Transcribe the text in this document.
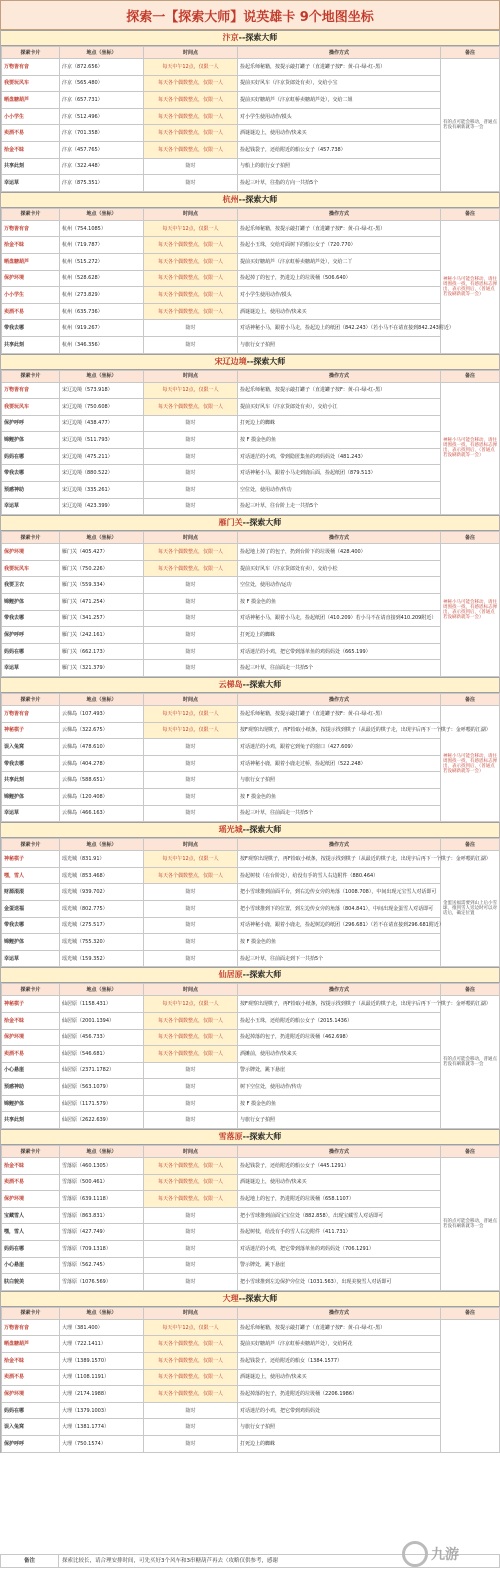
探索一【探索大师】说英雄卡 9个地图坐标
汴京--探索大师
探索卡片	地点（坐标）	时间点	操作方式	备注
万物皆有音	汴京（872.656）	每天中午12点，仅限一人	捡起乐师秘籍，按提示敲打罐子（直进罐子按F：黄-白-绿-红-黑）	有的点可能会移动，普通点若没有刷新就等一会
我要玩风车	汴京（565.480）	每天各个偶数整点，仅限一人	提前买好风车（汴京货郎处有卖），交给小宝	
晒盘糖葫芦	汴京（657.731）	每天各个偶数整点，仅限一人	提前买好糖葫芦（汴京虹桥卖糖葫芦处），交给二姐	
小小学生	汴京（512.496）	每天各个偶数整点，仅限一人	对小学生使用动作/摸头	
卖酒不易	汴京（701.358）	每天各个偶数整点，仅限一人	酒谜谜边上，使用动作/快来买	
拾金不昧	汴京（457.765）	每天各个偶数整点，仅限一人	捡起钱袋子，还给附近的船公女子（457.738）	
共享此刻	汴京（322.448）	随时	与船上的旅行女子拍照	
幸运草	汴京（875.351）	随时	捡起三叶草，往指的方向一共拾5个	
杭州--探索大师
探索卡片	地点（坐标）	时间点	操作方式	备注
万物皆有音	杭州（754.1085）	每天中午12点，仅限一人	捡起乐师秘籍，按提示敲打罐子（直进罐子按F：黄-白-绿-红-黑）	神秘小马可能会移动，请往周围找一找，有感恩标志弹出，表示找到后，（普通点若没刷新就等一会）
拾金不昧	杭州（719.787）	每天各个偶数整点，仅限一人	捡起小玉珠，交给对面树下的船公女子（720.770）	
晒盘糖葫芦	杭州（515.272）	每天各个偶数整点，仅限一人	提前买好糖葫芦（汴京虹桥卖糖葫芦处），交给二丫	
保护环境	杭州（528.628）	每天各个偶数整点，仅限一人	捡起掉了的包子，扔进边上的垃圾桶（506.640）	
小小学生	杭州（273.829）	每天各个偶数整点，仅限一人	对小学生使用动作/摸头	
卖酒不易	杭州（635.736）	每天各个偶数整点，仅限一人	酒谜谜边上，使用动作/快来买	
带我去哪	杭州（919.267）	随时	对话神秘小马，跟着小马走，捡起边上的纸团（842.243）（若小马不在请直接到842.243附近）	
共享此刻	杭州（346.356）	随时	与旅行女子拍照	
宋辽边境--探索大师
探索卡片	地点（坐标）	时间点	操作方式	备注
万物皆有音	宋辽边境（573.918）	每天中午12点，仅限一人	捡起乐师秘籍，按提示敲打罐子（直进罐子按F：黄-白-绿-红-黑）	神秘小马可能会移动，请往周围找一找，有感恩标志弹出，表示找到后，（普通点若没刷新就等一会）
我要玩风车	宋辽边境（750.608）	每天各个偶数整点，仅限一人	提前买好风车（汴京货郎处有卖），交给小江	
保护呼呼	宋辽边境（438.477）	随时	打死边上的蜘蛛	
锦鲤护体	宋辽边境（511.793）	随时	按 F 摸金色的鱼	
妈妈在哪	宋辽边境（475.211）	随时	对话迷茫的小鸡，带到隐匿集鱼的鸡妈妈处（481.243）	
带我去哪	宋辽边境（880.522）	随时	对话神秘小马，跟着小马走到鹿后面，捡起纸团（879.513）	
预感神助	宋辽边境（335.261）	随时	空位处，使用动作/传功	
幸运草	宋辽边境（423.399）	随时	捡起三叶草，往台阶上走一共拾5个	
雁门关--探索大师
探索卡片	地点（坐标）	时间点	操作方式	备注
保护环境	雁门关（405.427）	每天各个偶数整点，仅限一人	捡起地上掉了的包子，扔到台阶下的垃圾桶（428.400）	神秘小马可能会移动，请往周围找一找，有感恩标志弹出，表示找到后，（普通点若没刷新就等一会）
我要玩风车	雁门关（750.226）	每天各个偶数整点，仅限一人	提前买好风车（汴京货郎处有卖），交给小松	
我要卫衣	雁门关（559.334）	随时	空位处，使用动作/运功	
锦鲤护体	雁门关（471.254）	随时	按 F 摸金色的鱼	
带我去哪	雁门关（341.257）	随时	对话神秘小马，跟着小马走，捡起纸团（410.209）若小马不在请直接到410.209附近）	
保护呼呼	雁门关（242.161）	随时	打死边上的蜘蛛	
妈妈在哪	雁门关（662.173）	随时	对话迷茫的小鸡，把它带到落单鱼的鸡妈妈处（665.199）	
幸运草	雁门关（321.379）	随时	捡起三叶草，往前面走一共拾5个	
云梯岛--探索大师
探索卡片	地点（坐标）	时间点	操作方式	备注
万物皆有音	云梯岛（107.493）	每天中午12点，仅限一人	捡起乐师秘籍，按提示敲打罐子（直进罐子按F：黄-白-绿-红-黑）	神秘小马可能会移动，请往周围找一找，有感恩标志弹出，表示找到后，（普通点若没刷新就等一会）
神秘棋子	云梯岛（322.675）	每天中午12点，仅限一人	按F观察出现棋子，再F拾取小纸条，按提示找到棋子（从最近的棋子走，出现字后再下一个棋子：金呼喂的江湖）	
误入兔窝	云梯岛（478.610）	随时	对话迷茫的小鸡，跟着它到兔子的窗口（427.609）	
带我去哪	云梯岛（404.278）	随时	对话神秘小鹿，跟着小鹿走过桥，捡起纸团（522.248）	
共享此刻	云梯岛（588.651）	随时	与旅行女子拍照	
锦鲤护体	云梯岛（120.408）	随时	按 F 摸金色的鱼	
幸运草	云梯岛（466.163）	随时	捡起三叶草，往前面走一共拾5个	
瑶光城--探索大师
探索卡片	地点（坐标）	时间点	操作方式	备注
神秘棋子	瑶光城（831.91）	每天中午12点，仅限一人	按F观察出现棋子，再F拾取小纸条，按提示找到棋子（从最近的棋子走，出现字后再下一个棋子：金呼喂的江湖）	金蛋送福需要到山上后小雪球，推到雪人旁边时可以对话后，确定位置
嘿，雪人	瑶光城（853.468）	每天各个偶数整点，仅限一人	捡起树枝（在台阶处），给没有手的雪人右边附件（880.464）	
财源滚滚	瑶光城（939.702）	随时	把小雪球推到前面平台，到右边传女旁的角落（1008.708），中间出现元宝雪人对话即可	
金蛋送福	瑶光城（802.775）	随时	把小雪球推到下的位置，到左边传女旁的角落（804.841），中间出现金蛋雪人对话即可	
带我去哪	瑶光城（275.517）	随时	对话神秘小鹿，跟着小鹿走，捡起树边的纸团（296.681）（若不在请直接到296.681附近）	
锦鲤护体	瑶光城（755.320）	随时	按 F 摸金色的鱼	
幸运草	瑶光城（159.352）	随时	捡起三叶草，往前面走到下一共拾5个	
仙居原--探索大师
探索卡片	地点（坐标）	时间点	操作方式	备注
神秘棋子	仙居原（1158.431）	每天中午12点，仅限一人	按F观察出现棋子，再F拾取小纸条，按提示找到棋子（从最近的棋子走，出现字后再下一个棋子：金呼喂的江湖）	有的点可能会移动，普通点若没有刷新就等一会
拾金不昧	仙居原（2001.1394）	每天各个偶数整点，仅限一人	捡起小玉珠，还给附近的船公女子（2015.1436）	
保护环境	仙居原（456.733）	每天各个偶数整点，仅限一人	捡起掉落的包子，扔进附近的垃圾桶（462.698）	
卖酒不易	仙居原（546.681）	每天各个偶数整点，仅限一人	酒摊前，使用动作/快来买	
小心悬崖	仙居原（2371.1782）	随时	警示牌处，跳下悬崖	
预感神助	仙居原（563.1079）	随时	树下空位处，使用动作/传功	
锦鲤护体	仙居原（1171.579）	随时	按 F 摸金色的鱼	
共享此刻	仙居原（2622.639）	随时	与旅行女子拍照	
雪落原--探索大师
探索卡片	地点（坐标）	时间点	操作方式	备注
拾金不昧	雪落原（460.1305）	每天各个偶数整点，仅限一人	捡起钱袋子，还给附近的船公女子（445.1291）	有的点可能会移动，普通点若没有刷新就等一会
卖酒不易	雪落原（500.461）	每天各个偶数整点，仅限一人	酒谜谜边上，使用动作/快来买	
保护环境	雪落原（639.1118）	每天各个偶数整点，仅限一人	捡起地上的包子，扔进附近的垃圾桶（658.1107）	
宝藏雪人	雪落原（863.831）	随时	把小雪球推到前面宝宝位处（882.858），出现宝藏雪人对话即可	
嘿，雪人	雪落原（427.749）	随时	捡起树枝，给没有手的雪人右边附件（411.731）	
妈妈在哪	雪落原（709.1318）	随时	对话迷茫的小鸡，把它带到落单鱼的鸡妈妈处（706.1291）	
小心悬崖	雪落原（562.745）	随时	警示牌处，跳下悬崖	
肤白貌美	雪落原（1076.569）	随时	把小雪球推到左边保护旁位处（1031.563），出现美貌雪人对话即可	
大理--探索大师
探索卡片	地点（坐标）	时间点	操作方式	备注
万物皆有音	大理（381.400）	每天中午12点，仅限一人	捡起乐师秘籍，按提示敲打罐子（直进罐子按F：黄-白-绿-红-黑）	
晒盘糖葫芦	大理（722.1411）	每天各个偶数整点，仅限一人	提前买好糖葫芦（汴京虹桥卖糖葫芦处），交给阿花	
拾金不昧	大理（1389.1570）	每天各个偶数整点，仅限一人	捡起钱袋子，还给附近的船女（1384.1577）	
卖酒不易	大理（1108.1191）	每天各个偶数整点，仅限一人	酒谜谜边上，使用动作/快来买	
保护环境	大理（2174.1988）	每天各个偶数整点，仅限一人	捡起掉落的包子，扔进附近的垃圾桶（2206.1986）	
妈妈在哪	大理（1379.1003）	随时	对话迷茫的小鸡，把它带到鸡妈妈处	
误入兔窝	大理（1381.1774）	随时	与旅行女子拍照	
保护呼呼	大理（750.1574）	随时	打死边上的蜘蛛	
备注	探索比较长，请合理安排时间，可先买好3个风车和3串糖葫芦再去（攻略仅供参考，感谢	九游
